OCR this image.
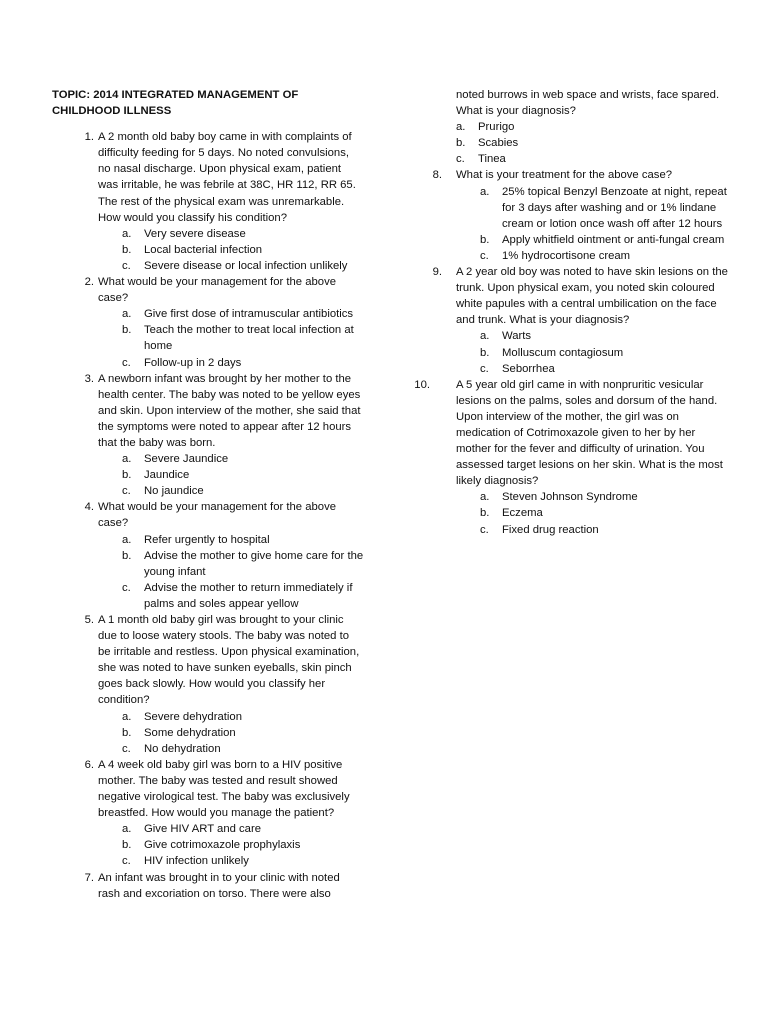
TOPIC: 2014 INTEGRATED MANAGEMENT OF CHILDHOOD ILLNESS
1. A 2 month old baby boy came in with complaints of difficulty feeding for 5 days. No noted convulsions, no nasal discharge. Upon physical exam, patient was irritable, he was febrile at 38C, HR 112, RR 65. The rest of the physical exam was unremarkable. How would you classify his condition?
a. Very severe disease
b. Local bacterial infection
c. Severe disease or local infection unlikely
2. What would be your management for the above case?
a. Give first dose of intramuscular antibiotics
b. Teach the mother to treat local infection at home
c. Follow-up in 2 days
3. A newborn infant was brought by her mother to the health center. The baby was noted to be yellow eyes and skin. Upon interview of the mother, she said that the symptoms were noted to appear after 12 hours that the baby was born.
a. Severe Jaundice
b. Jaundice
c. No jaundice
4. What would be your management for the above case?
a. Refer urgently to hospital
b. Advise the mother to give home care for the young infant
c. Advise the mother to return immediately if palms and soles appear yellow
5. A 1 month old baby girl was brought to your clinic due to loose watery stools. The baby was noted to be irritable and restless. Upon physical examination, she was noted to have sunken eyeballs, skin pinch goes back slowly. How would you classify her condition?
a. Severe dehydration
b. Some dehydration
c. No dehydration
6. A 4 week old baby girl was born to a HIV positive mother. The baby was tested and result showed negative virological test. The baby was exclusively breastfed. How would you manage the patient?
a. Give HIV ART and care
b. Give cotrimoxazole prophylaxis
c. HIV infection unlikely
7. An infant was brought in to your clinic with noted rash and excoriation on torso. There were also
noted burrows in web space and wrists, face spared. What is your diagnosis?
a. Prurigo
b. Scabies
c. Tinea
8. What is your treatment for the above case?
a. 25% topical Benzyl Benzoate at night, repeat for 3 days after washing and or 1% lindane cream or lotion once wash off after 12 hours
b. Apply whitfield ointment or anti-fungal cream
c. 1% hydrocortisone cream
9. A 2 year old boy was noted to have skin lesions on the trunk. Upon physical exam, you noted skin coloured white papules with a central umbilication on the face and trunk. What is your diagnosis?
a. Warts
b. Molluscum contagiosum
c. Seborrhea
10. A 5 year old girl came in with nonpruritic vesicular lesions on the palms, soles and dorsum of the hand. Upon interview of the mother, the girl was on medication of Cotrimoxazole given to her by her mother for the fever and difficulty of urination. You assessed target lesions on her skin. What is the most likely diagnosis?
a. Steven Johnson Syndrome
b. Eczema
c. Fixed drug reaction
